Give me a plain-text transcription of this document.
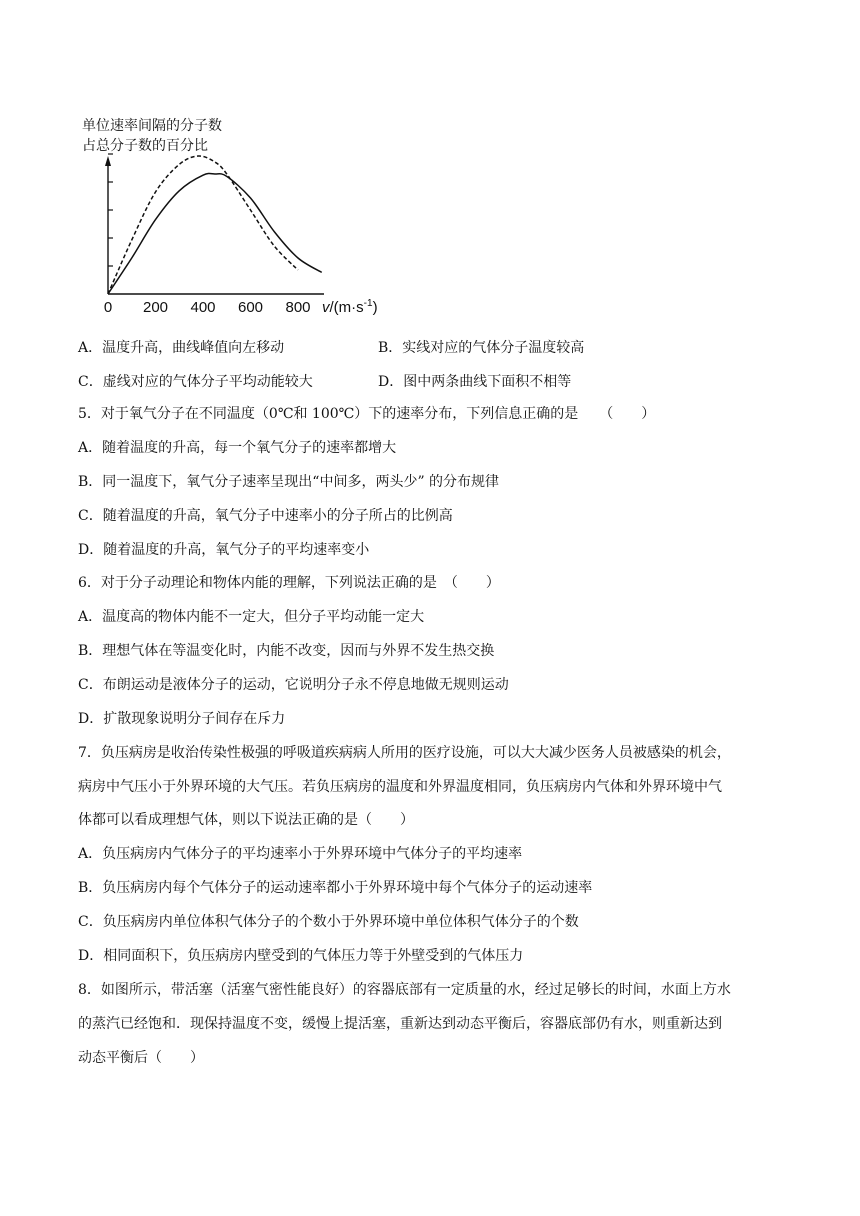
单位速率间隔的分子数
占总分子数的百分比
0 200 400 600 800 $v/(m\cdot s^{-1})$
A．温度升高，曲线峰值向左移动	B．实线对应的气体分子温度较高
C．虚线对应的气体分子平均动能较大	D．图中两条曲线下面积不相等
5．对于氧气分子在不同温度（0℃和 100℃）下的速率分布，下列信息正确的是　　（　　）
A．随着温度的升高，每一个氧气分子的速率都增大
B．同一温度下，氧气分子速率呈现出“中间多，两头少” 的分布规律
C．随着温度的升高，氧气分子中速率小的分子所占的比例高
D．随着温度的升高，氧气分子的平均速率变小
6．对于分子动理论和物体内能的理解，下列说法正确的是　（　　）
A．温度高的物体内能不一定大，但分子平均动能一定大
B．理想气体在等温变化时，内能不改变，因而与外界不发生热交换
C．布朗运动是液体分子的运动，它说明分子永不停息地做无规则运动
D．扩散现象说明分子间存在斥力
7．负压病房是收治传染性极强的呼吸道疾病病人所用的医疗设施，可以大大减少医务人员被感染的机会，
病房中气压小于外界环境的大气压。若负压病房的温度和外界温度相同，负压病房内气体和外界环境中气
体都可以看成理想气体，则以下说法正确的是（　　）
A．负压病房内气体分子的平均速率小于外界环境中气体分子的平均速率
B．负压病房内每个气体分子的运动速率都小于外界环境中每个气体分子的运动速率
C．负压病房内单位体积气体分子的个数小于外界环境中单位体积气体分子的个数
D．相同面积下，负压病房内壁受到的气体压力等于外壁受到的气体压力
8．如图所示，带活塞（活塞气密性能良好）的容器底部有一定质量的水，经过足够长的时间，水面上方水
的蒸汽已经饱和．现保持温度不变，缓慢上提活塞，重新达到动态平衡后，容器底部仍有水，则重新达到
动态平衡后（　　）
